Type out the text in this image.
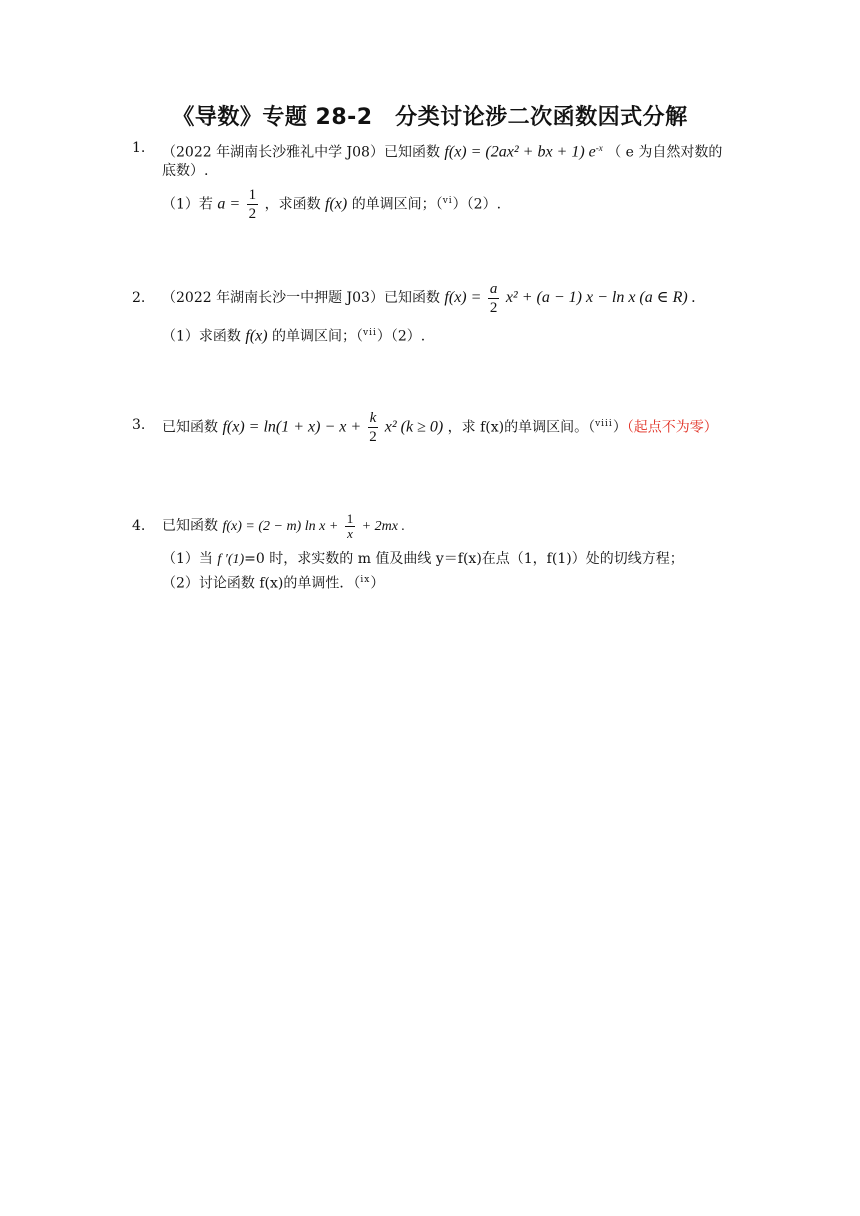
《导数》专题 28-2　分类讨论涉二次函数因式分解
1. （2022 年湖南长沙雅礼中学 J08）已知函数 f(x) = (2ax² + bx + 1) $e^{-x}$ （ e 为自然对数的
底数）.
（1）若 $a = \frac{1}{2}$ ，求函数 f(x) 的单调区间；（$^{vi}$）（2）.
2. （2022 年湖南长沙一中押题 J03）已知函数 $f(x) = \frac{a}{2} x^2 + (a - 1) x - \ln x$ (a ∈ R) .
（1）求函数 f(x) 的单调区间；（$^{vii}$）（2）.
3. 已知函数 $f(x) = \ln(1 + x) - x + \frac{k}{2} x^2$ (k ≥ 0) ，求 f(x)的单调区间。（$^{viii}$）（起点不为零）
4. 已知函数 f(x) = (2 − m) $\ln x + \frac{1}{x} + 2mx$ .
（1）当 f ′(1)=0 时，求实数的 m 值及曲线 y＝f(x)在点（1，f(1)）处的切线方程；
（2）讨论函数 f(x)的单调性．（$^{ix}$）
